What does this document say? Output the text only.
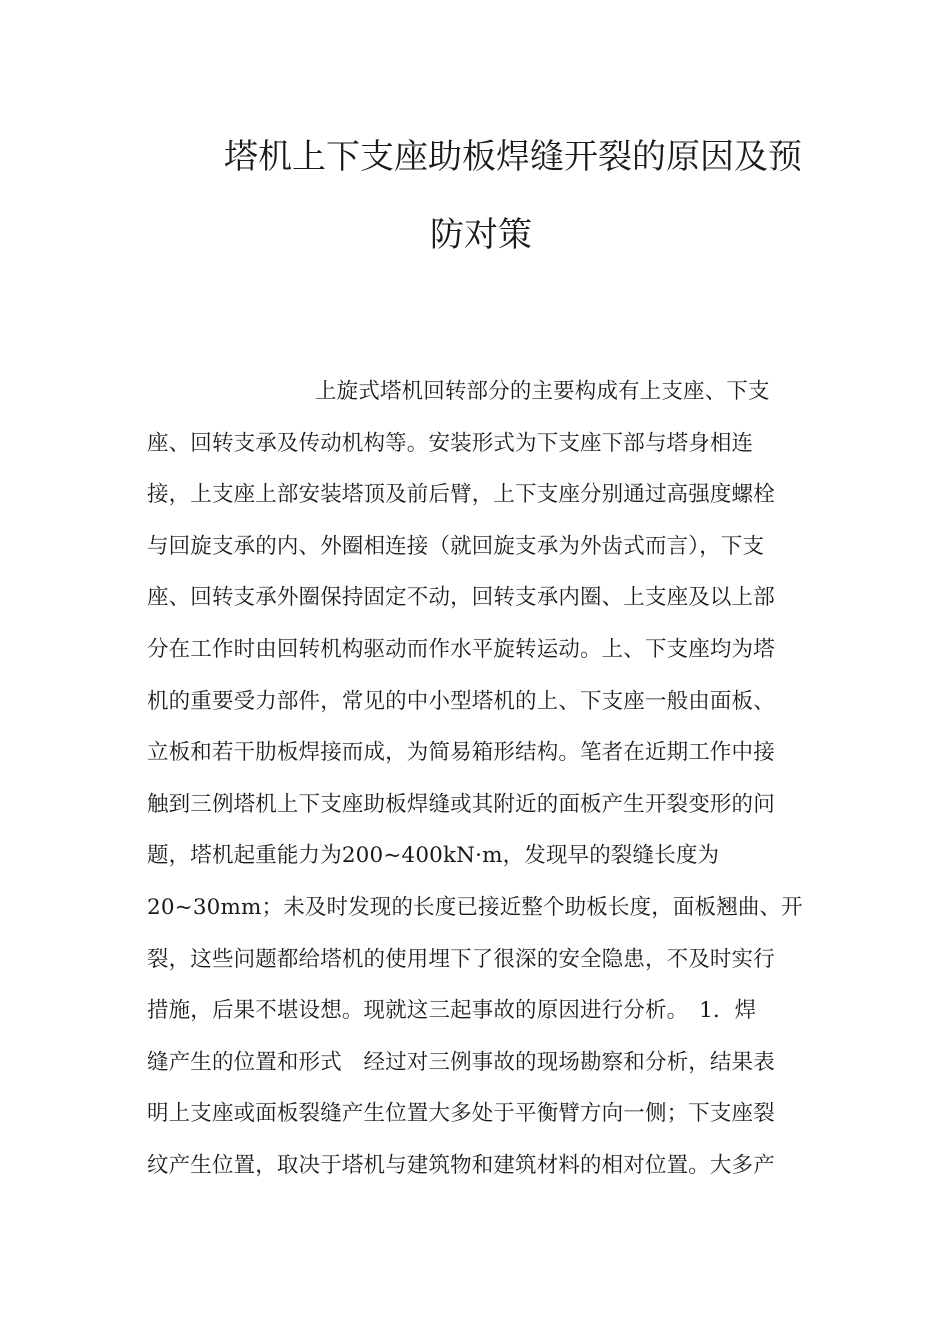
塔机上下支座助板焊缝开裂的原因及预
防对策
上旋式塔机回转部分的主要构成有上支座、下支
座、回转支承及传动机构等。安装形式为下支座下部与塔身相连
接，上支座上部安装塔顶及前后臂，上下支座分别通过高强度螺栓
与回旋支承的内、外圈相连接（就回旋支承为外齿式而言），下支
座、回转支承外圈保持固定不动，回转支承内圈、上支座及以上部
分在工作时由回转机构驱动而作水平旋转运动。上、下支座均为塔
机的重要受力部件，常见的中小型塔机的上、下支座一般由面板、
立板和若干肋板焊接而成，为简易箱形结构。笔者在近期工作中接
触到三例塔机上下支座助板焊缝或其附近的面板产生开裂变形的问
题，塔机起重能力为200~400kN·m，发现早的裂缝长度为
20~30mm；未及时发现的长度已接近整个助板长度，面板翘曲、开
裂，这些问题都给塔机的使用埋下了很深的安全隐患，不及时实行
措施，后果不堪设想。现就这三起事故的原因进行分析。　1．焊
缝产生的位置和形式　经过对三例事故的现场勘察和分析，结果表
明上支座或面板裂缝产生位置大多处于平衡臂方向一侧；下支座裂
纹产生位置，取决于塔机与建筑物和建筑材料的相对位置。大多产
